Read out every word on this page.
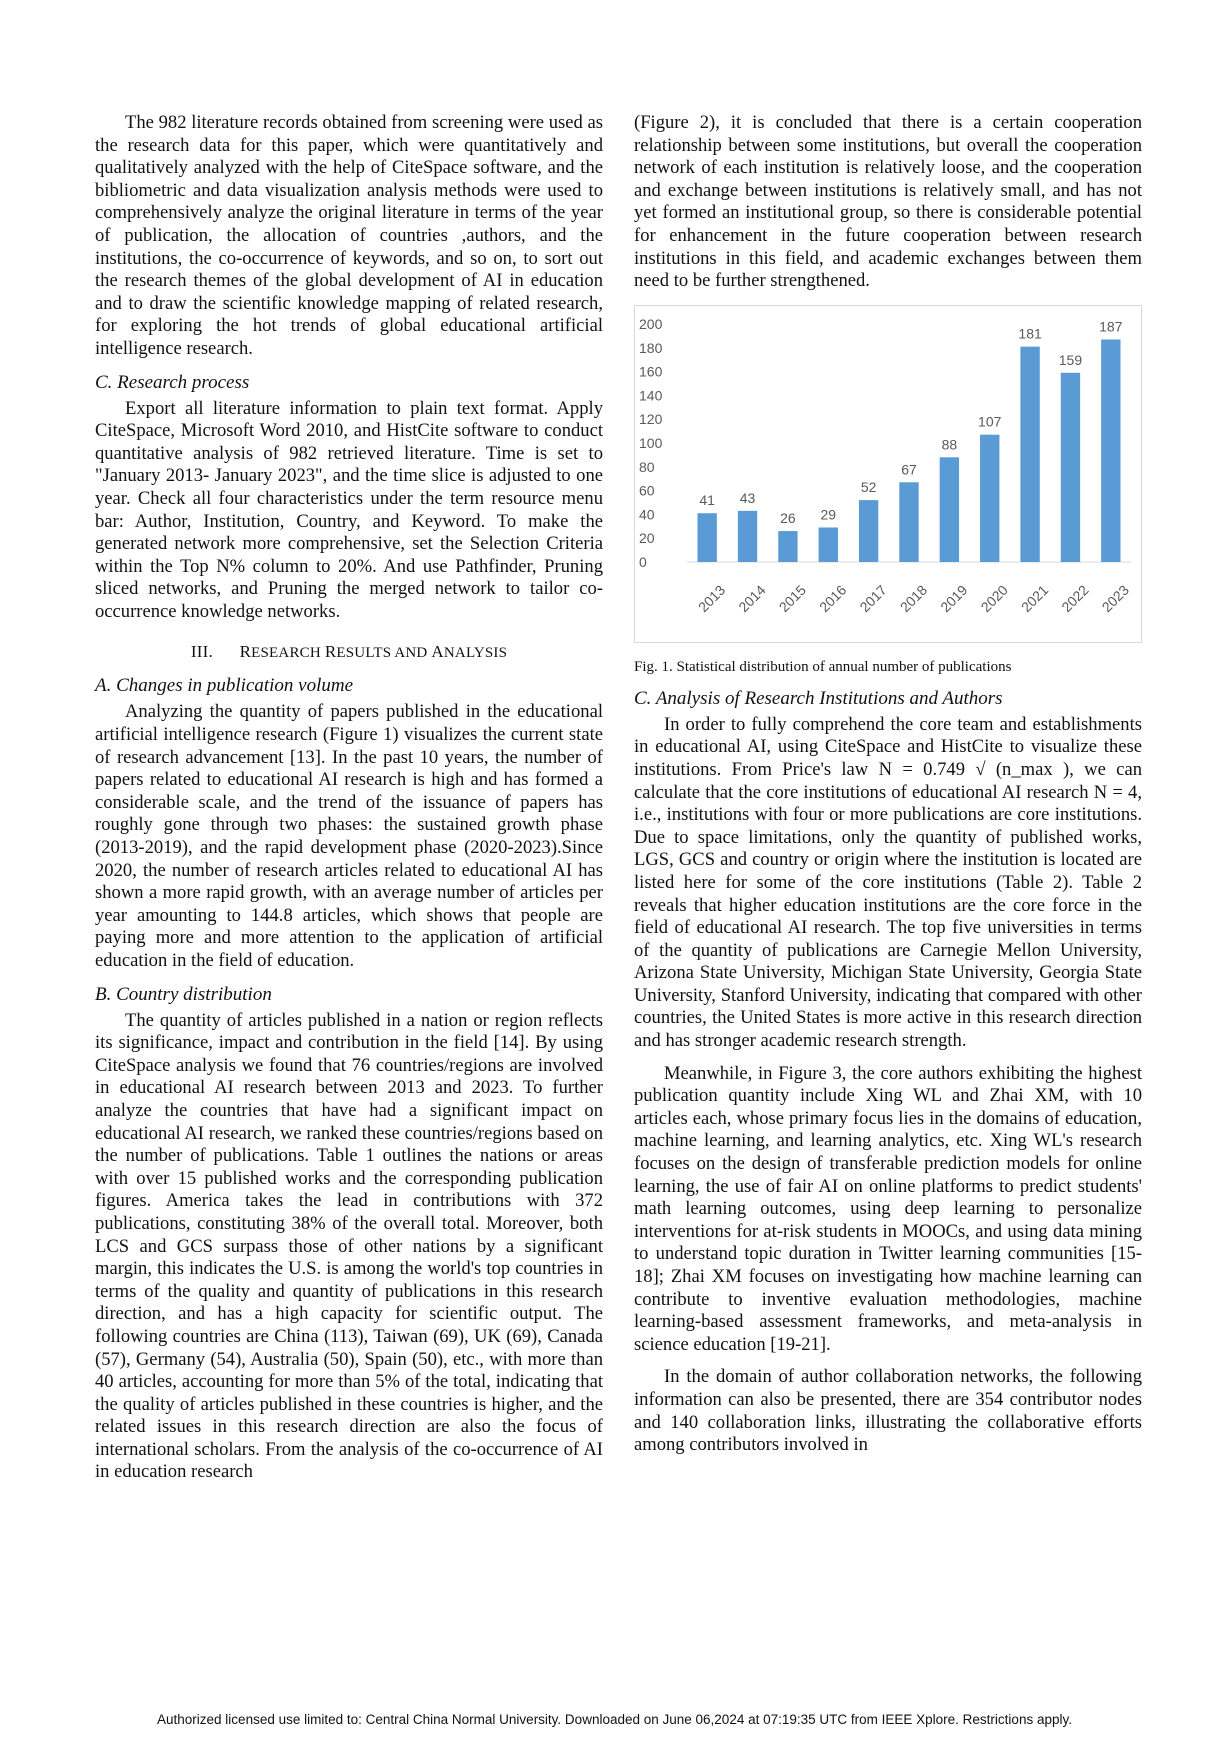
The 982 literature records obtained from screening were used as the research data for this paper, which were quantitatively and qualitatively analyzed with the help of CiteSpace software, and the bibliometric and data visualization analysis methods were used to comprehensively analyze the original literature in terms of the year of publication, the allocation of countries ,authors, and the institutions, the co-occurrence of keywords, and so on, to sort out the research themes of the global development of AI in education and to draw the scientific knowledge mapping of related research, for exploring the hot trends of global educational artificial intelligence research.

C. Research process

Export all literature information to plain text format. Apply CiteSpace, Microsoft Word 2010, and HistCite software to conduct quantitative analysis of 982 retrieved literature. Time is set to "January 2013- January 2023", and the time slice is adjusted to one year. Check all four characteristics under the term resource menu bar: Author, Institution, Country, and Keyword. To make the generated network more comprehensive, set the Selection Criteria within the Top N% column to 20%. And use Pathfinder, Pruning sliced networks, and Pruning the merged network to tailor co-occurrence knowledge networks.

III. RESEARCH RESULTS AND ANALYSIS
A. Changes in publication volume

Analyzing the quantity of papers published in the educational artificial intelligence research (Figure 1) visualizes the current state of research advancement [13]. In the past 10 years, the number of papers related to educational AI research is high and has formed a considerable scale, and the trend of the issuance of papers has roughly gone through two phases: the sustained growth phase (2013-2019), and the rapid development phase (2020-2023).Since 2020, the number of research articles related to educational AI has shown a more rapid growth, with an average number of articles per year amounting to 144.8 articles, which shows that people are paying more and more attention to the application of artificial education in the field of education.

B. Country distribution

The quantity of articles published in a nation or region reflects its significance, impact and contribution in the field [14]. By using CiteSpace analysis we found that 76 countries/regions are involved in educational AI research between 2013 and 2023. To further analyze the countries that have had a significant impact on educational AI research, we ranked these countries/regions based on the number of publications. Table 1 outlines the nations or areas with over 15 published works and the corresponding publication figures. America takes the lead in contributions with 372 publications, constituting 38% of the overall total. Moreover, both LCS and GCS surpass those of other nations by a significant margin, this indicates the U.S. is among the world's top countries in terms of the quality and quantity of publications in this research direction, and has a high capacity for scientific output. The following countries are China (113), Taiwan (69), UK (69), Canada (57), Germany (54), Australia (50), Spain (50), etc., with more than 40 articles, accounting for more than 5% of the total, indicating that the quality of articles published in these countries is higher, and the related issues in this research direction are also the focus of international scholars. From the analysis of the co-occurrence of AI in education research

(Figure 2), it is concluded that there is a certain cooperation relationship between some institutions, but overall the cooperation network of each institution is relatively loose, and the cooperation and exchange between institutions is relatively small, and has not yet formed an institutional group, so there is considerable potential for enhancement in the future cooperation between research institutions in this field, and academic exchanges between them need to be further strengthened.

0
20
40
60
80
100
120
140
160
180
200
41
2013
43
2014
26
2015
29
2016
52
2017
67
2018
88
2019
107
2020
181
2021
159
2022
187
2023

Fig. 1. Statistical distribution of annual number of publications

C. Analysis of Research Institutions and Authors

In order to fully comprehend the core team and establishments in educational AI, using CiteSpace and HistCite to visualize these institutions. From Price's law N = 0.749 √ (n_max ), we can calculate that the core institutions of educational AI research N = 4, i.e., institutions with four or more publications are core institutions. Due to space limitations, only the quantity of published works, LGS, GCS and country or origin where the institution is located are listed here for some of the core institutions (Table 2). Table 2 reveals that higher education institutions are the core force in the field of educational AI research. The top five universities in terms of the quantity of publications are Carnegie Mellon University, Arizona State University, Michigan State University, Georgia State University, Stanford University, indicating that compared with other countries, the United States is more active in this research direction and has stronger academic research strength.

Meanwhile, in Figure 3, the core authors exhibiting the highest publication quantity include Xing WL and Zhai XM, with 10 articles each, whose primary focus lies in the domains of education, machine learning, and learning analytics, etc. Xing WL's research focuses on the design of transferable prediction models for online learning, the use of fair AI on online platforms to predict students' math learning outcomes, using deep learning to personalize interventions for at-risk students in MOOCs, and using data mining to understand topic duration in Twitter learning communities [15-18]; Zhai XM focuses on investigating how machine learning can contribute to inventive evaluation methodologies, machine learning-based assessment frameworks, and meta-analysis in science education [19-21].

In the domain of author collaboration networks, the following information can also be presented, there are 354 contributor nodes and 140 collaboration links, illustrating the collaborative efforts among contributors involved in

Authorized licensed use limited to: Central China Normal University. Downloaded on June 06,2024 at 07:19:35 UTC from IEEE Xplore. Restrictions apply.
